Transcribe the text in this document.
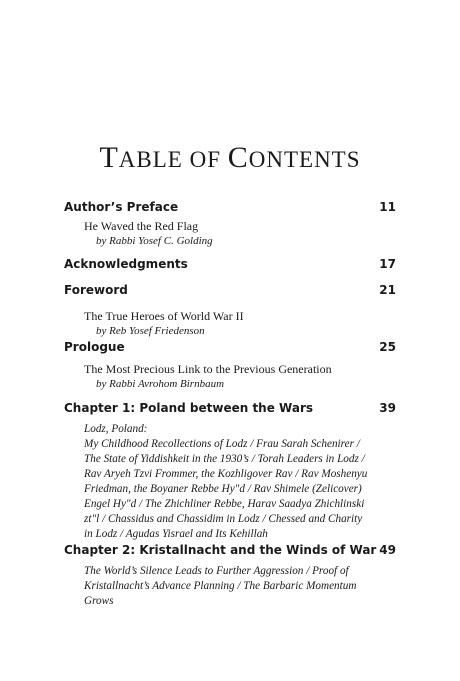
TABLE OF CONTENTS
Author’s Preface	11
He Waved the Red Flag
by Rabbi Yosef C. Golding
Acknowledgments	17
Foreword	21
The True Heroes of World War II
by Reb Yosef Friedenson
Prologue	25
The Most Precious Link to the Previous Generation
by Rabbi Avrohom Birnbaum
Chapter 1: Poland between the Wars	39
Lodz, Poland:
My Childhood Recollections of Lodz / Frau Sarah Schenirer /
The State of Yiddishkeit in the 1930’s / Torah Leaders in Lodz /
Rav Aryeh Tzvi Frommer, the Kozhligover Rav / Rav Moshenyu
Friedman, the Boyaner Rebbe Hy"d / Rav Shimele (Zelicover)
Engel Hy"d / The Zhichliner Rebbe, Harav Saadya Zhichlinski
zt"l / Chassidus and Chassidim in Lodz / Chessed and Charity
in Lodz / Agudas Yisrael and Its Kehillah
Chapter 2: Kristallnacht and the Winds of War 49
The World’s Silence Leads to Further Aggression / Proof of
Kristallnacht’s Advance Planning / The Barbaric Momentum
Grows
